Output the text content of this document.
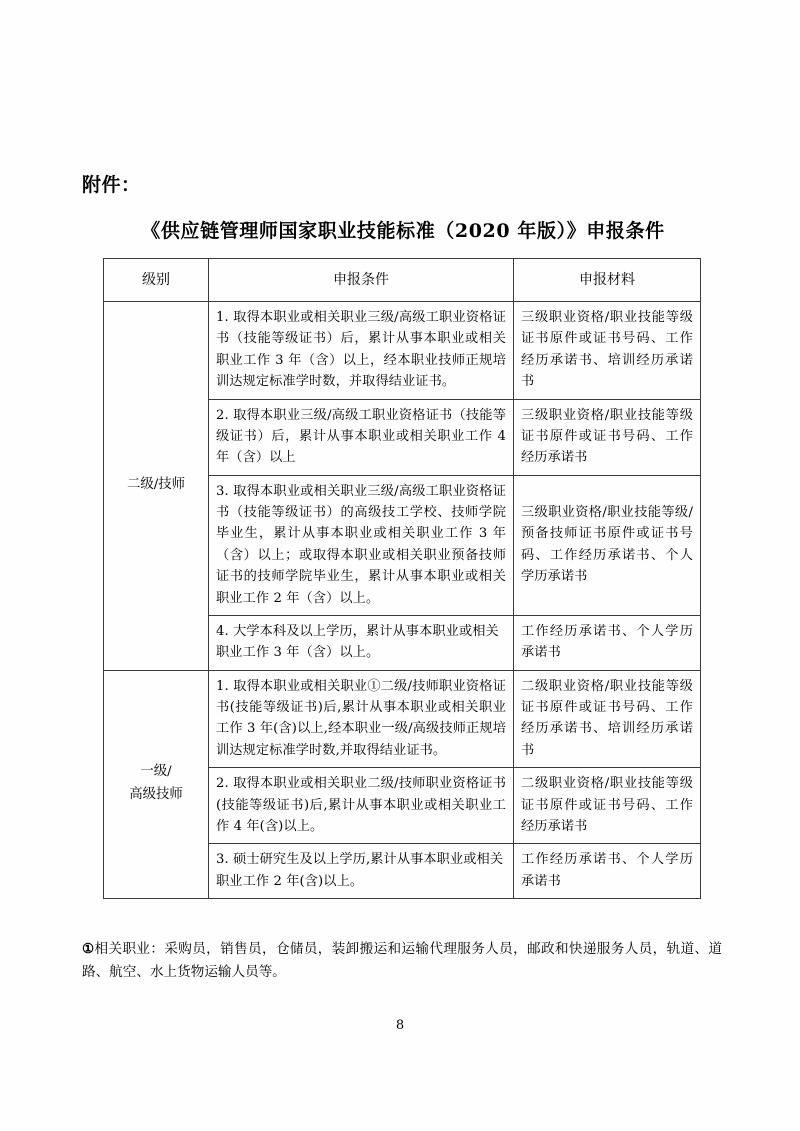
附件：
《供应链管理师国家职业技能标准（2020 年版）》申报条件
级别	申报条件	申报材料
二级/技师	1. 取得本职业或相关职业三级/高级工职业资格证书（技能等级证书）后，累计从事本职业或相关职业工作 3 年（含）以上，经本职业技师正规培训达规定标准学时数，并取得结业证书。	三级职业资格/职业技能等级证书原件或证书号码、工作经历承诺书、培训经历承诺书
	2. 取得本职业三级/高级工职业资格证书（技能等级证书）后，累计从事本职业或相关职业工作 4 年（含）以上	三级职业资格/职业技能等级证书原件或证书号码、工作经历承诺书
	3. 取得本职业或相关职业三级/高级工职业资格证书（技能等级证书）的高级技工学校、技师学院毕业生，累计从事本职业或相关职业工作 3 年（含）以上；或取得本职业或相关职业预备技师证书的技师学院毕业生，累计从事本职业或相关职业工作 2 年（含）以上。	三级职业资格/职业技能等级/预备技师证书原件或证书号码、工作经历承诺书、个人学历承诺书
	4. 大学本科及以上学历，累计从事本职业或相关职业工作 3 年（含）以上。	工作经历承诺书、个人学历承诺书

一级/
高级技师	1. 取得本职业或相关职业①二级/技师职业资格证书(技能等级证书)后,累计从事本职业或相关职业工作 3 年(含)以上,经本职业一级/高级技师正规培训达规定标准学时数,并取得结业证书。	二级职业资格/职业技能等级证书原件或证书号码、工作经历承诺书、培训经历承诺书
	2. 取得本职业或相关职业二级/技师职业资格证书(技能等级证书)后,累计从事本职业或相关职业工作 4 年(含)以上。	二级职业资格/职业技能等级证书原件或证书号码、工作经历承诺书
	3. 硕士研究生及以上学历,累计从事本职业或相关职业工作 2 年(含)以上。	工作经历承诺书、个人学历承诺书
①相关职业：采购员，销售员，仓储员，装卸搬运和运输代理服务人员，邮政和快递服务人员，轨道、道路、航空、水上货物运输人员等。
8
